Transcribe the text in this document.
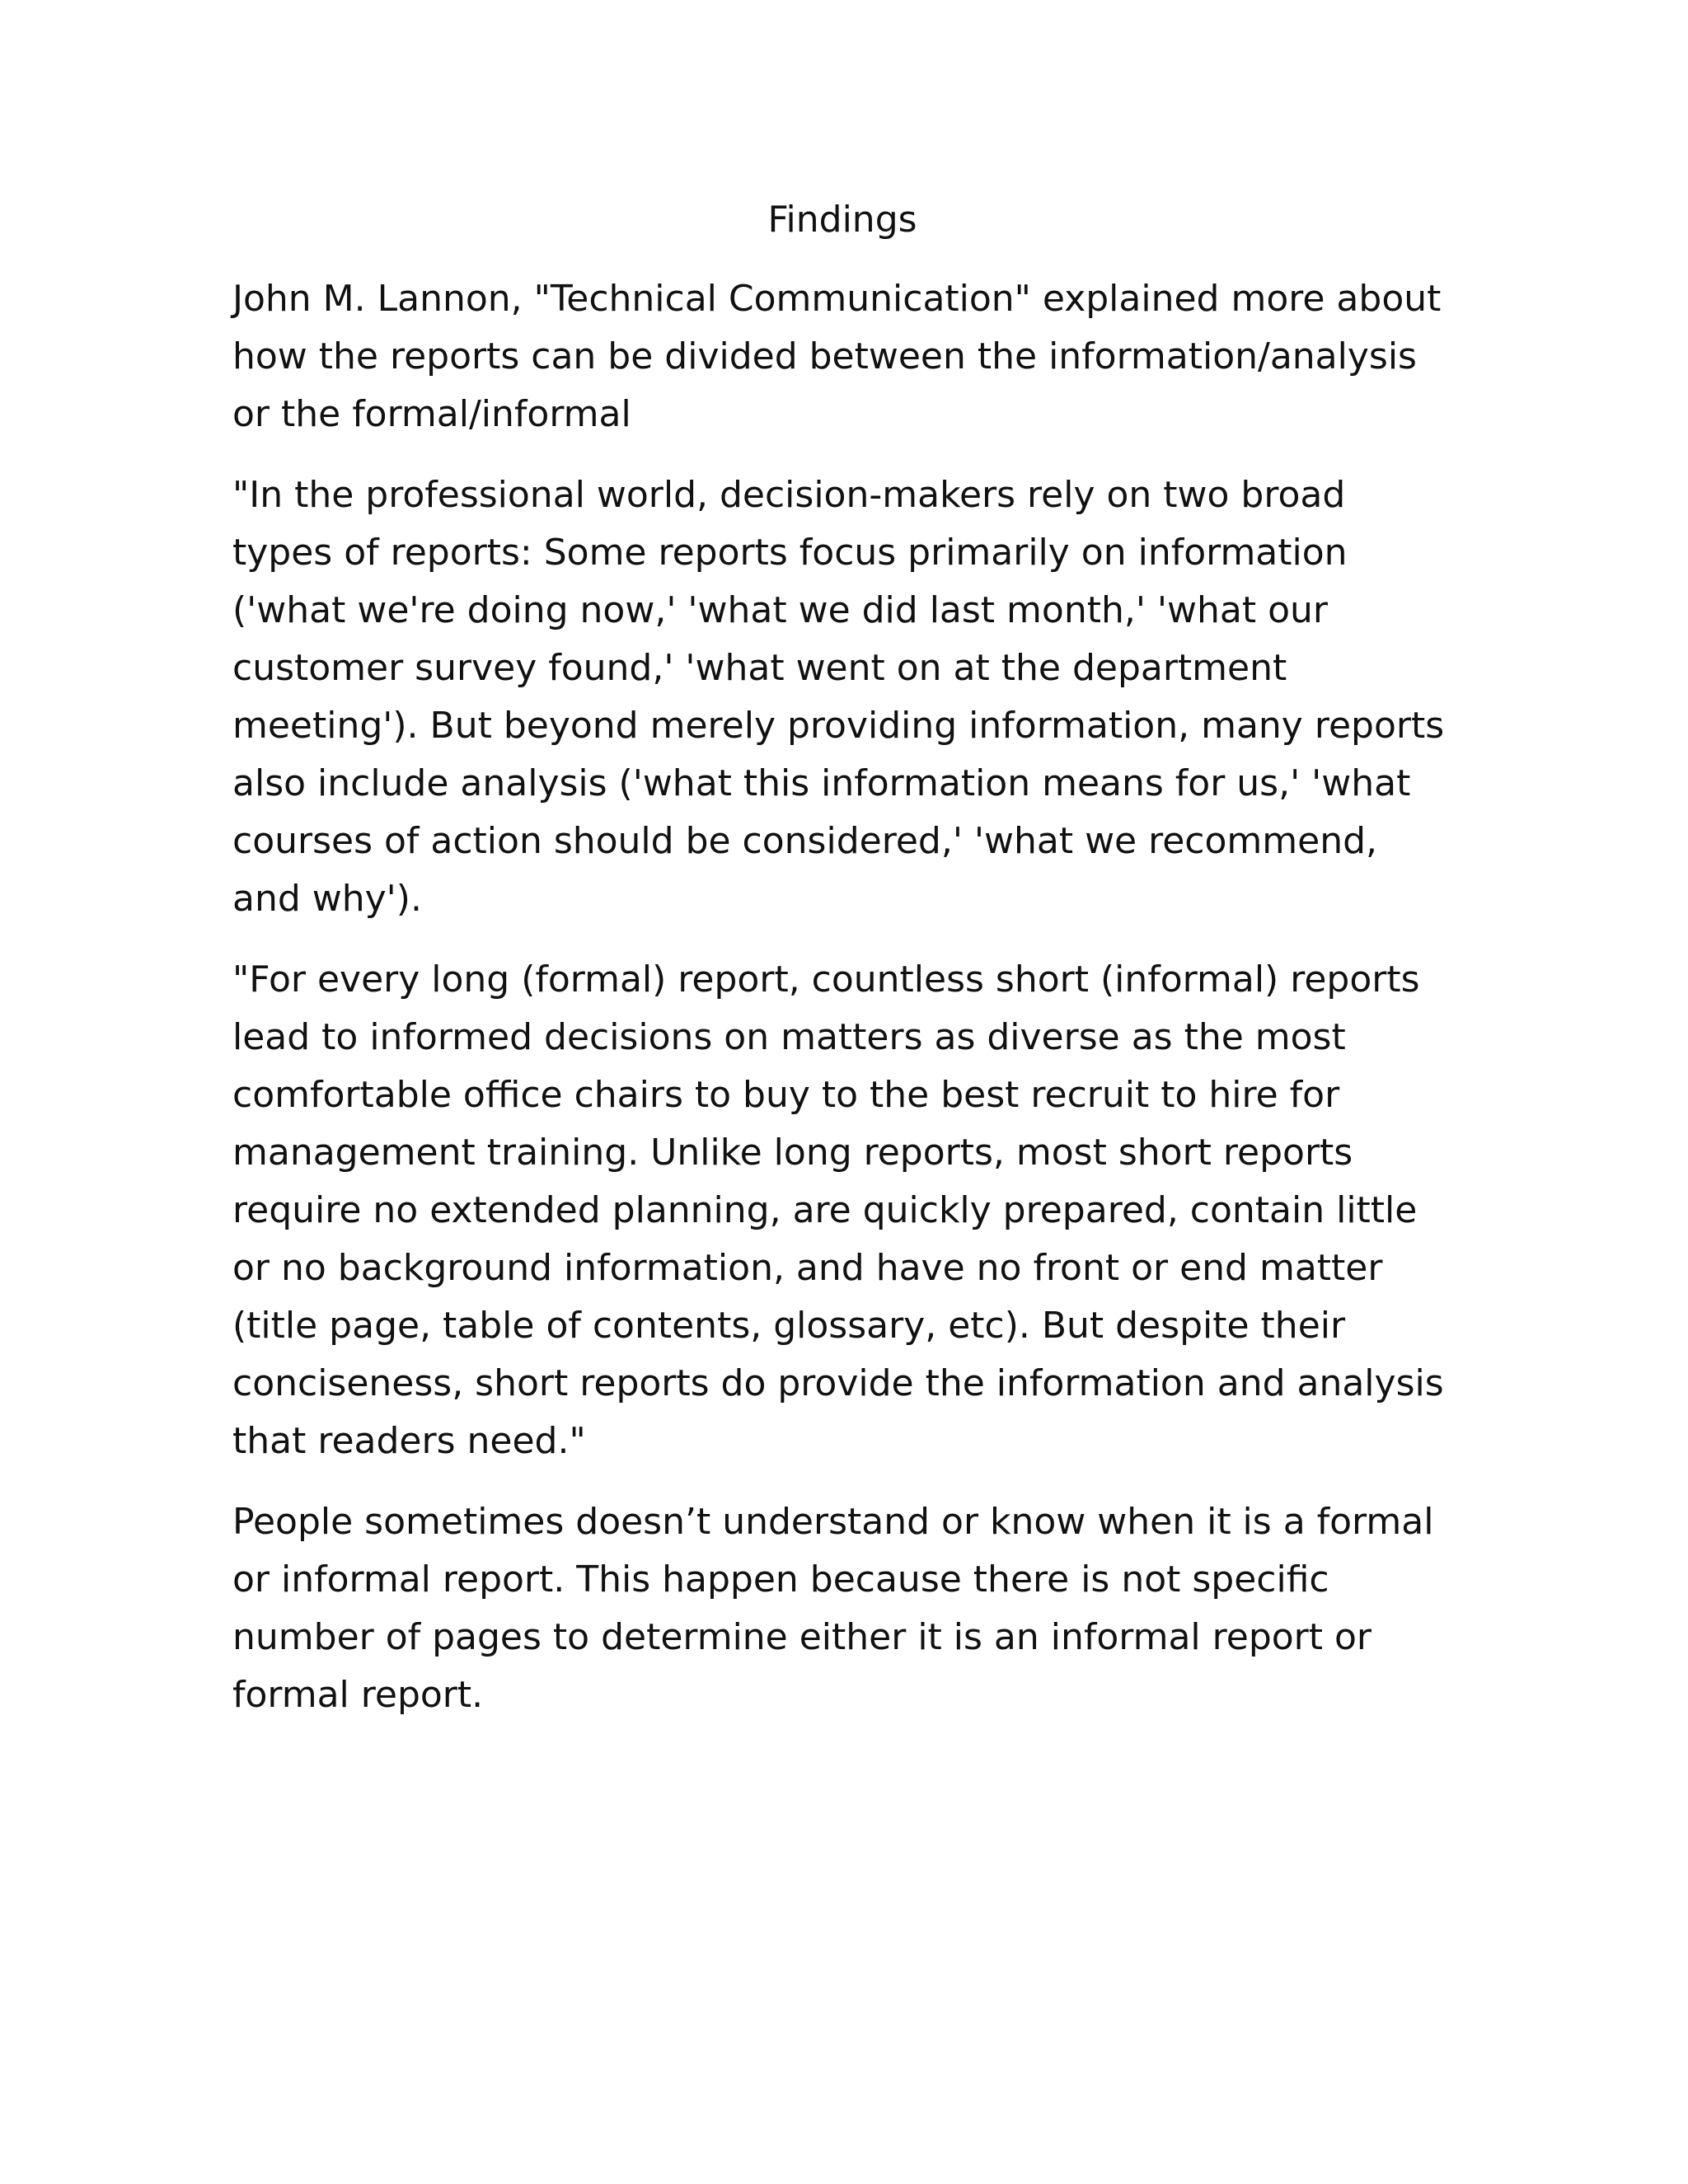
Findings

John M. Lannon, "Technical Communication" explained more about how the reports can be divided between the information/analysis or the formal/informal

"In the professional world, decision-makers rely on two broad types of reports: Some reports focus primarily on information ('what we're doing now,' 'what we did last month,' 'what our customer survey found,' 'what went on at the department meeting'). But beyond merely providing information, many reports also include analysis ('what this information means for us,' 'what courses of action should be considered,' 'what we recommend, and why').

"For every long (formal) report, countless short (informal) reports lead to informed decisions on matters as diverse as the most comfortable office chairs to buy to the best recruit to hire for management training. Unlike long reports, most short reports require no extended planning, are quickly prepared, contain little or no background information, and have no front or end matter (title page, table of contents, glossary, etc). But despite their conciseness, short reports do provide the information and analysis that readers need."

People sometimes doesn’t understand or know when it is a formal or informal report. This happen because there is not specific number of pages to determine either it is an informal report or formal report.
